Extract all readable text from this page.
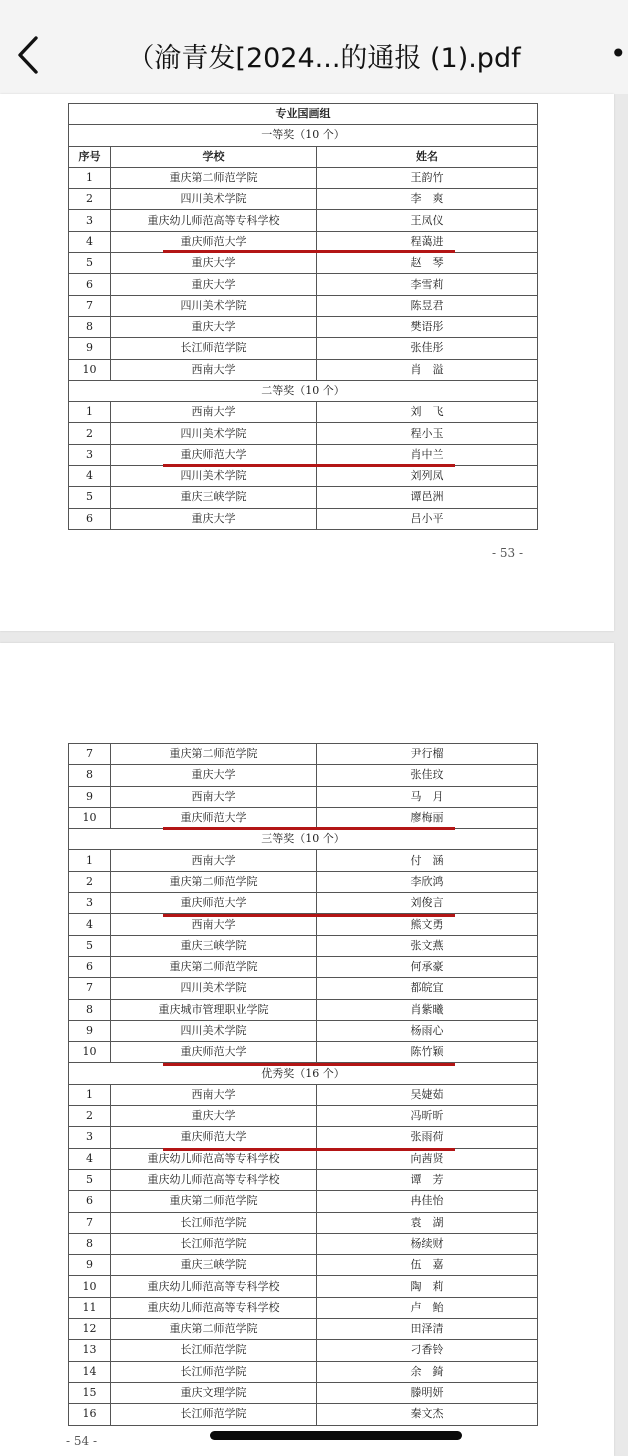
（渝青发[2024...的通报 (1).pdf	•
专业国画组		
一等奖（10 个）		
序号	学校	姓名
1	重庆第二师范学院	王韵竹
2	四川美术学院	李　爽
3	重庆幼儿师范高等专科学校	王凤仪
4	重庆师范大学	程蔼进
5	重庆大学	赵　琴
6	重庆大学	李雪莉
7	四川美术学院	陈昱君
8	重庆大学	樊语彤
9	长江师范学院	张佳彤
10	西南大学	肖　溢
二等奖（10 个）		
1	西南大学	刘　飞
2	四川美术学院	程小玉
3	重庆师范大学	肖中兰
4	四川美术学院	刘列凤
5	重庆三峡学院	谭邑洲
6	重庆大学	吕小平
- 53 -
7	重庆第二师范学院	尹行榴
8	重庆大学	张佳玟
9	西南大学	马　月
10	重庆师范大学	廖梅丽
三等奖（10 个）		
1	西南大学	付　涵
2	重庆第二师范学院	李欣鸿
3	重庆师范大学	刘俊言
4	西南大学	熊文勇
5	重庆三峡学院	张文燕
6	重庆第二师范学院	何承豪
7	四川美术学院	都皖宜
8	重庆城市管理职业学院	肖紫曦
9	四川美术学院	杨雨心
10	重庆师范大学	陈竹颖
优秀奖（16 个）		
1	西南大学	吴婕茹
2	重庆大学	冯昕昕
3	重庆师范大学	张雨荷
4	重庆幼儿师范高等专科学校	向茜贤
5	重庆幼儿师范高等专科学校	谭　芳
6	重庆第二师范学院	冉佳怡
7	长江师范学院	袁　湖
8	长江师范学院	杨续财
9	重庆三峡学院	伍　嘉
10	重庆幼儿师范高等专科学校	陶　莉
11	重庆幼儿师范高等专科学校	卢　鲐
12	重庆第二师范学院	田泽清
13	长江师范学院	刁香铃
14	长江师范学院	余　錡
15	重庆文理学院	滕明妍
16	长江师范学院	秦文杰
- 54 -
